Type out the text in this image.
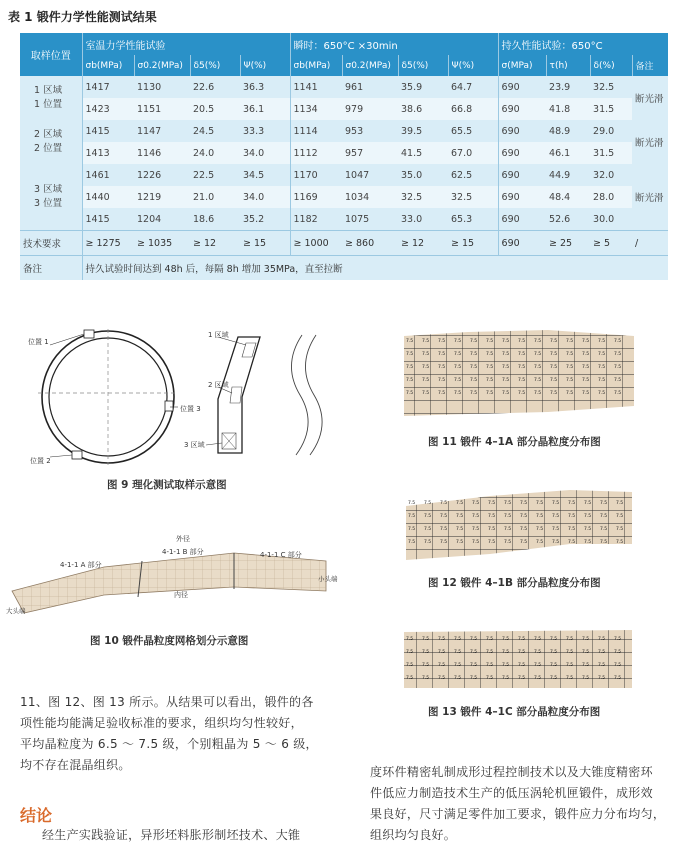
表 1 锻件力学性能测试结果
取样位置	室温力学性能试验				瞬时：650°C ×30min				持久性能试验：650°C			
	σb(MPa)	σ0.2(MPa)	δ5(%)	Ψ(%)	σb(MPa)	σ0.2(MPa)	δ5(%)	Ψ(%)	σ(MPa)	τ(h)	δ(%)	备注

1 区域
1 位置	1417	1130	22.6	36.3	1141	961	35.9	64.7	690	23.9	32.5	断光滑
	1423	1151	20.5	36.1	1134	979	38.6	66.8	690	41.8	31.5	

2 区域
2 位置	1415	1147	24.5	33.3	1114	953	39.5	65.5	690	48.9	29.0	断光滑
	1413	1146	24.0	34.0	1112	957	41.5	67.0	690	46.1	31.5	

3 区域
3 位置	1461	1226	22.5	34.5	1170	1047	35.0	62.5	690	44.9	32.0	断光滑
	1440	1219	21.0	34.0	1169	1034	32.5	32.5	690	48.4	28.0	
	1415	1204	18.6	35.2	1182	1075	33.0	65.3	690	52.6	30.0	
技术要求	≥ 1275	≥ 1035	≥ 12	≥ 15	≥ 1000	≥ 860	≥ 12	≥ 15	690	≥ 25	≥ 5	/
备注	持久试验时间达到 48h 后，每隔 8h 增加 35MPa，直至拉断											
位置 1
位置 3
位置 2
1 区域
2 区域
3 区域
图 9 理化测试取样示意图
外径
4-1-1 A 部分
4-1-1 B 部分	4-1-1 C 部分
内径
大头端
小头端
图 10 锻件晶粒度网格划分示意图
7.5 7.5 7.5 7.5 7.5 7.5 7.5 7.5 7.5 7.5 7.5 7.5 7.5 7.5
7.5 7.5 7.5 7.5 7.5 7.5 7.5 7.5 7.5 7.5 7.5 7.5 7.5 7.5
7.5 7.5 7.5 7.5 7.5 7.5 7.5 7.5 7.5 7.5 7.5 7.5 7.5 7.5
7.5 7.5 7.5 7.5 7.5 7.5 7.5 7.5 7.5 7.5 7.5 7.5 7.5 7.5
7.5 7.5 7.5 7.5 7.5 7.5 7.5 7.5 7.5 7.5 7.5 7.5 7.5 7.5
图 11 锻件 4–1A 部分晶粒度分布图
7.5 7.5 7.5 7.5 7.5 7.5 7.5 7.5 7.5 7.5 7.5 7.5 7.5 7.5
7.5 7.5 7.5 7.5 7.5 7.5 7.5 7.5 7.5 7.5 7.5 7.5 7.5 7.5
7.5 7.5 7.5 7.5 7.5 7.5 7.5 7.5 7.5 7.5 7.5 7.5 7.5 7.5
7.5 7.5 7.5 7.5 7.5 7.5 7.5 7.5 7.5 7.5 7.5 7.5 7.5 7.5
图 12 锻件 4–1B 部分晶粒度分布图
7.5 7.5 7.5 7.5 7.5 7.5 7.5 7.5 7.5 7.5 7.5 7.5 7.5 7.5
7.5 7.5 7.5 7.5 7.5 7.5 7.5 7.5 7.5 7.5 7.5 7.5 7.5 7.5
7.5 7.5 7.5 7.5 7.5 7.5 7.5 7.5 7.5 7.5 7.5 7.5 7.5 7.5
7.5 7.5 7.5 7.5 7.5 7.5 7.5 7.5 7.5 7.5 7.5 7.5 7.5 7.5
图 13 锻件 4–1C 部分晶粒度分布图
11、图 12、图 13 所示。从结果可以看出，锻件的各
项性能均能满足验收标准的要求，组织均匀性较好，
平均晶粒度为 6.5 ～ 7.5 级，个别粗晶为 5 ～ 6 级，
均不存在混晶组织。
结论
经生产实践验证，异形坯料胀形制坯技术、大锥
度环件精密轧制成形过程控制技术以及大锥度精密环
件低应力制造技术生产的低压涡轮机匣锻件，成形效
果良好，尺寸满足零件加工要求，锻件应力分布均匀，
组织均匀良好。
